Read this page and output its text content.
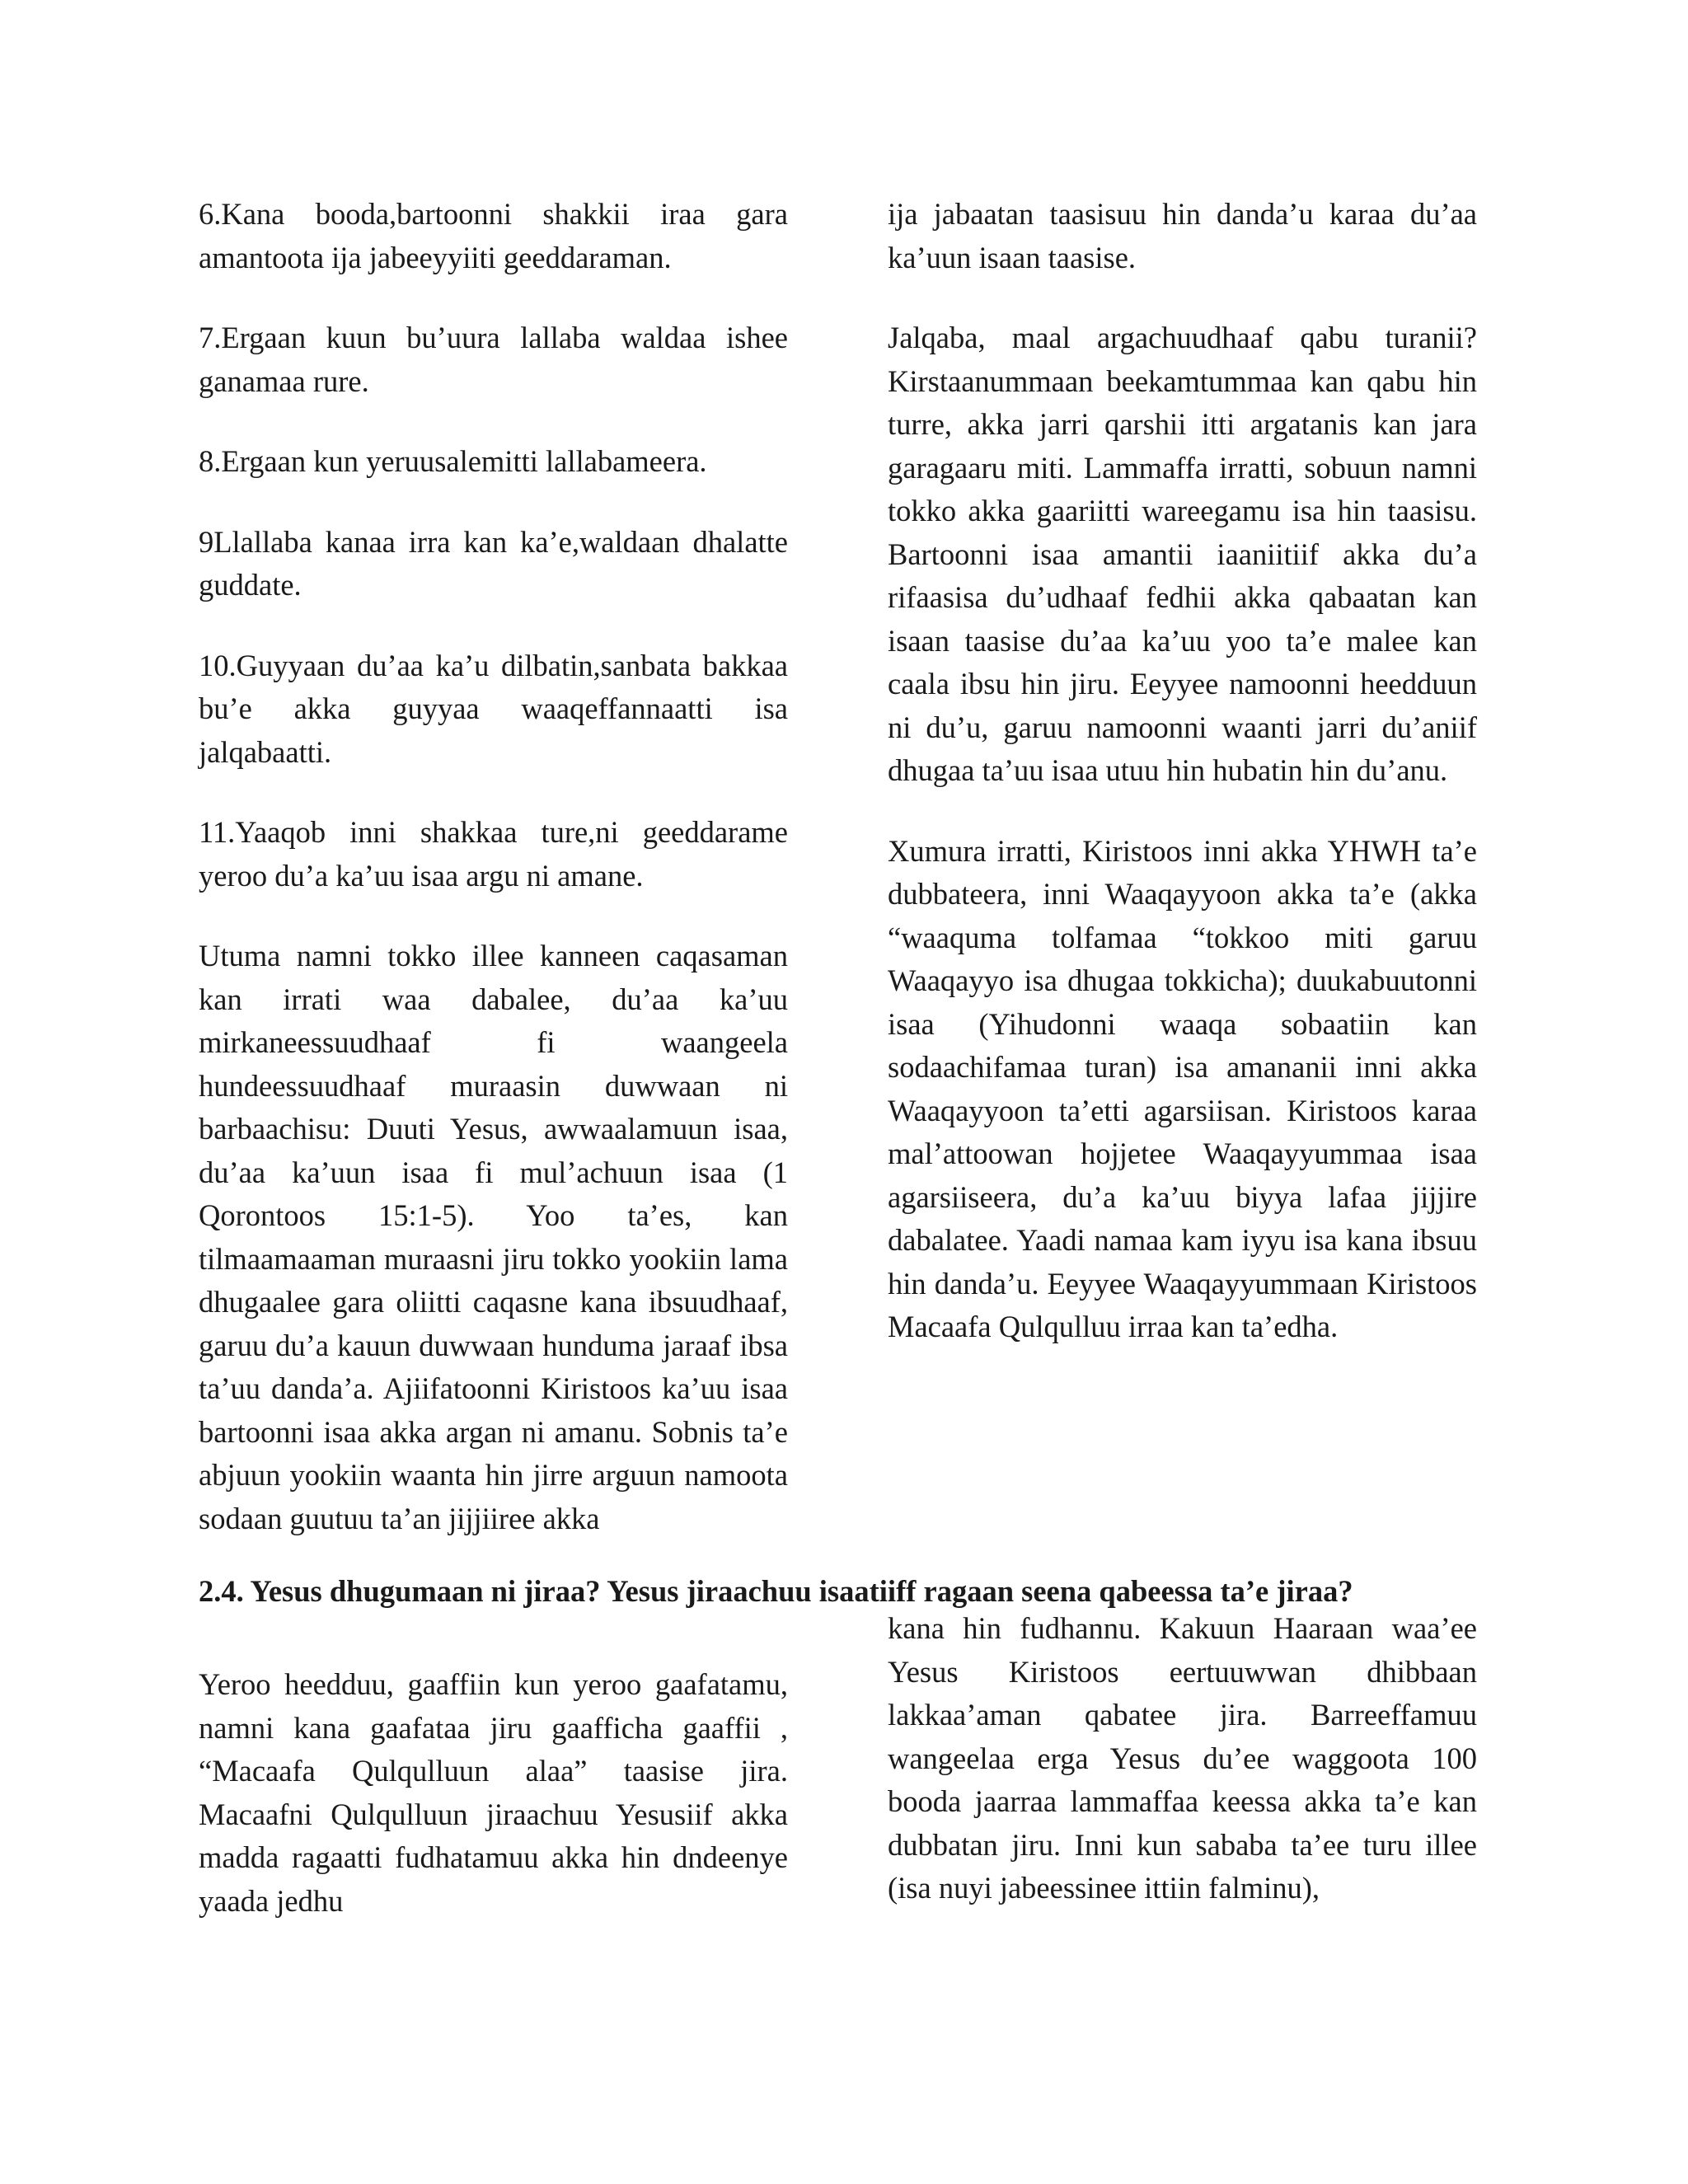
6.Kana booda,bartoonni shakkii iraa gara amantoota ija jabeeyyiiti geeddaraman.

7.Ergaan kuun bu’uura lallaba waldaa ishee ganamaa rure.

8.Ergaan kun yeruusalemitti lallabameera.

9Llallaba kanaa irra kan ka’e,waldaan dhalatte guddate.

10.Guyyaan du’aa ka’u dilbatin,sanbata bakkaa bu’e akka guyyaa waaqeffannaatti isa jalqabaatti.

11.Yaaqob inni shakkaa ture,ni geeddarame yeroo du’a ka’uu isaa argu ni amane.

Utuma namni tokko illee kanneen caqasaman kan irrati waa dabalee, du’aa ka’uu mirkaneessuudhaaf fi waangeela hundeessuudhaaf muraasin duwwaan ni barbaachisu: Duuti Yesus, awwaalamuun isaa, du’aa ka’uun isaa fi mul’achuun isaa (1 Qorontoos 15:1-5). Yoo ta’es, kan tilmaamaaman muraasni jiru tokko yookiin lama dhugaalee gara oliitti caqasne kana ibsuudhaaf, garuu du’a kauun duwwaan hunduma jaraaf ibsa ta’uu danda’a. Ajiifatoonni Kiristoos ka’uu isaa bartoonni isaa akka argan ni amanu. Sobnis ta’e abjuun yookiin waanta hin jirre arguun namoota sodaan guutuu ta’an jijjiiree akka

ija jabaatan taasisuu hin danda’u karaa du’aa ka’uun isaan taasise.

Jalqaba, maal argachuudhaaf qabu turanii? Kirstaanummaan beekamtummaa kan qabu hin turre, akka jarri qarshii itti argatanis kan jara garagaaru miti. Lammaffa irratti, sobuun namni tokko akka gaariitti wareegamu isa hin taasisu. Bartoonni isaa amantii iaaniitiif akka du’a rifaasisa du’udhaaf fedhii akka qabaatan kan isaan taasise du’aa ka’uu yoo ta’e malee kan caala ibsu hin jiru. Eeyyee namoonni heedduun ni du’u, garuu namoonni waanti jarri du’aniif dhugaa ta’uu isaa utuu hin hubatin hin du’anu.

Xumura irratti, Kiristoos inni akka YHWH ta’e dubbateera, inni Waaqayyoon akka ta’e (akka “waaquma tolfamaa “tokkoo miti garuu Waaqayyo isa dhugaa tokkicha); duukabuutonni isaa (Yihudonni waaqa sobaatiin kan sodaachifamaa turan) isa amananii inni akka Waaqayyoon ta’etti agarsiisan. Kiristoos karaa mal’attoowan hojjetee Waaqayyummaa isaa agarsiiseera, du’a ka’uu biyya lafaa jijjire dabalatee. Yaadi namaa kam iyyu isa kana ibsuu hin danda’u. Eeyyee Waaqayyummaan Kiristoos Macaafa Qulqulluu irraa kan ta’edha.

2.4. Yesus dhugumaan ni jiraa? Yesus jiraachuu isaatiiff ragaan seena qabeessa ta’e jiraa?

Yeroo heedduu, gaaffiin kun yeroo gaafatamu, namni kana gaafataa jiru gaafficha gaaffii , “Macaafa Qulqulluun alaa” taasise jira. Macaafni Qulqulluun jiraachuu Yesusiif akka madda ragaatti fudhatamuu akka hin dndeenye yaada jedhu

kana hin fudhannu. Kakuun Haaraan waa’ee Yesus Kiristoos eertuuwwan dhibbaan lakkaa’aman qabatee jira. Barreeffamuu wangeelaa erga Yesus du’ee waggoota 100 booda jaarraa lammaffaa keessa akka ta’e kan dubbatan jiru. Inni kun sababa ta’ee turu illee (isa nuyi jabeessinee ittiin falminu),
